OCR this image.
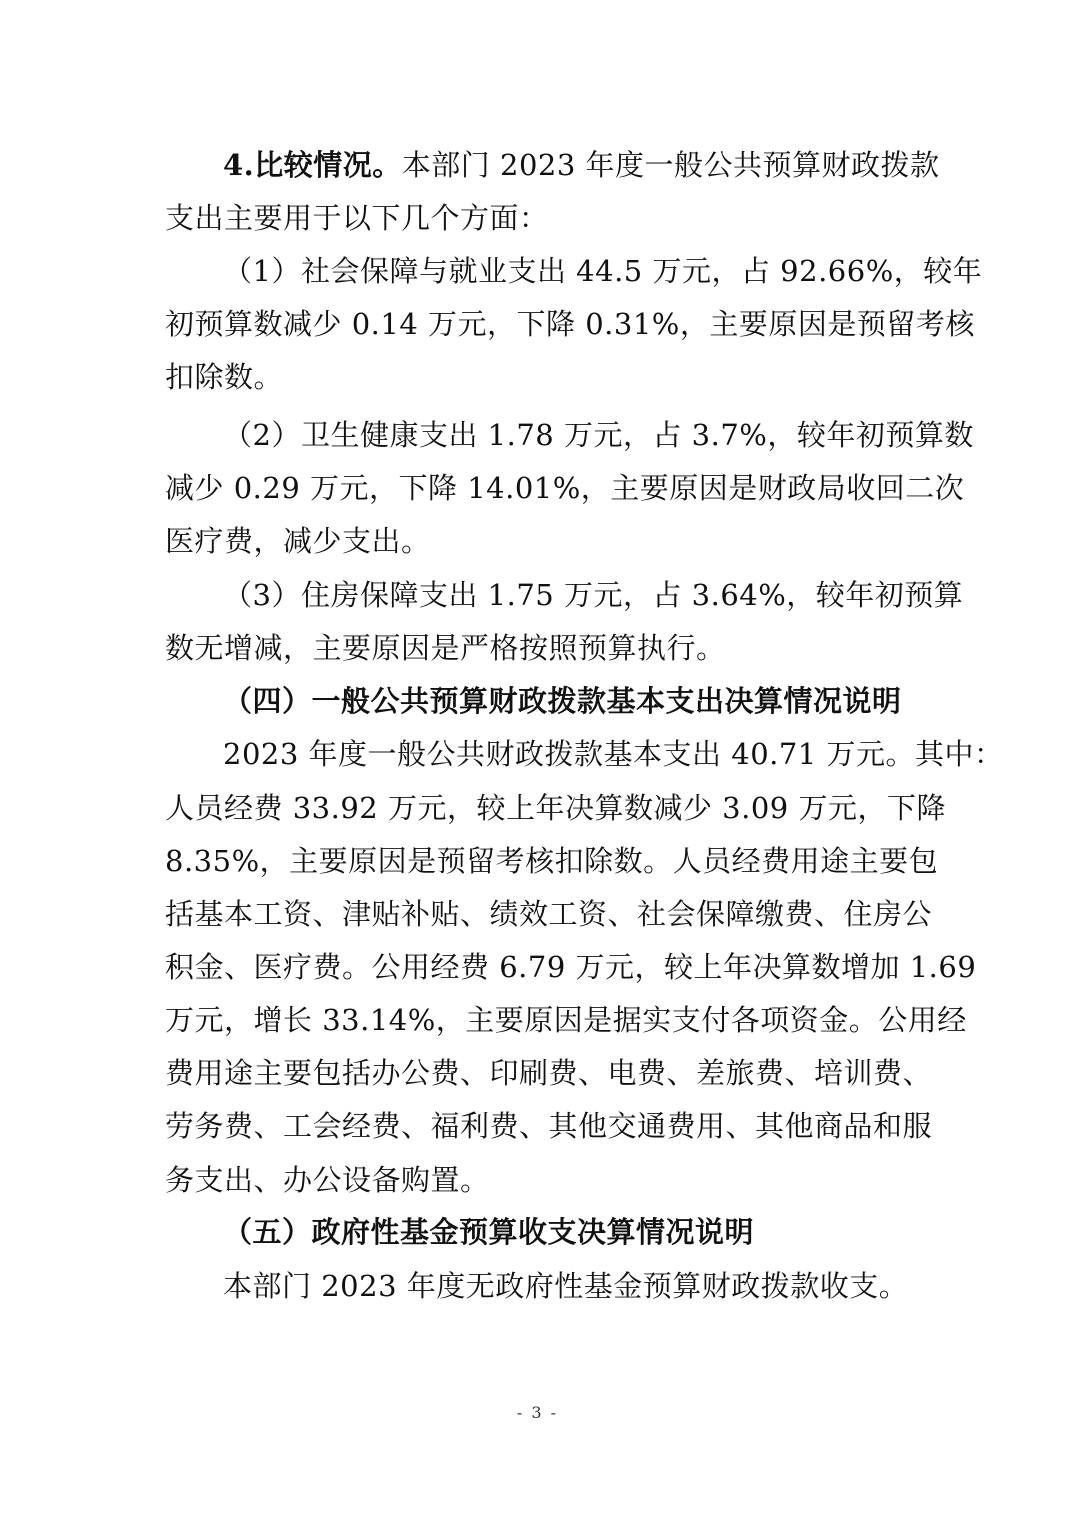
4.比较情况。本部门 2023 年度一般公共预算财政拨款
支出主要用于以下几个方面：
（1）社会保障与就业支出 44.5 万元，占 92.66%，较年
初预算数减少 0.14 万元，下降 0.31%，主要原因是预留考核
扣除数。
（2）卫生健康支出 1.78 万元，占 3.7%，较年初预算数
减少 0.29 万元，下降 14.01%，主要原因是财政局收回二次
医疗费，减少支出。
（3）住房保障支出 1.75 万元，占 3.64%，较年初预算
数无增减，主要原因是严格按照预算执行。
（四）一般公共预算财政拨款基本支出决算情况说明
2023 年度一般公共财政拨款基本支出 40.71 万元。其中：
人员经费 33.92 万元，较上年决算数减少 3.09 万元，下降
8.35%，主要原因是预留考核扣除数。人员经费用途主要包
括基本工资、津贴补贴、绩效工资、社会保障缴费、住房公
积金、医疗费。公用经费 6.79 万元，较上年决算数增加 1.69
万元，增长 33.14%，主要原因是据实支付各项资金。公用经
费用途主要包括办公费、印刷费、电费、差旅费、培训费、
劳务费、工会经费、福利费、其他交通费用、其他商品和服
务支出、办公设备购置。
（五）政府性基金预算收支决算情况说明
本部门 2023 年度无政府性基金预算财政拨款收支。
- 3 -
